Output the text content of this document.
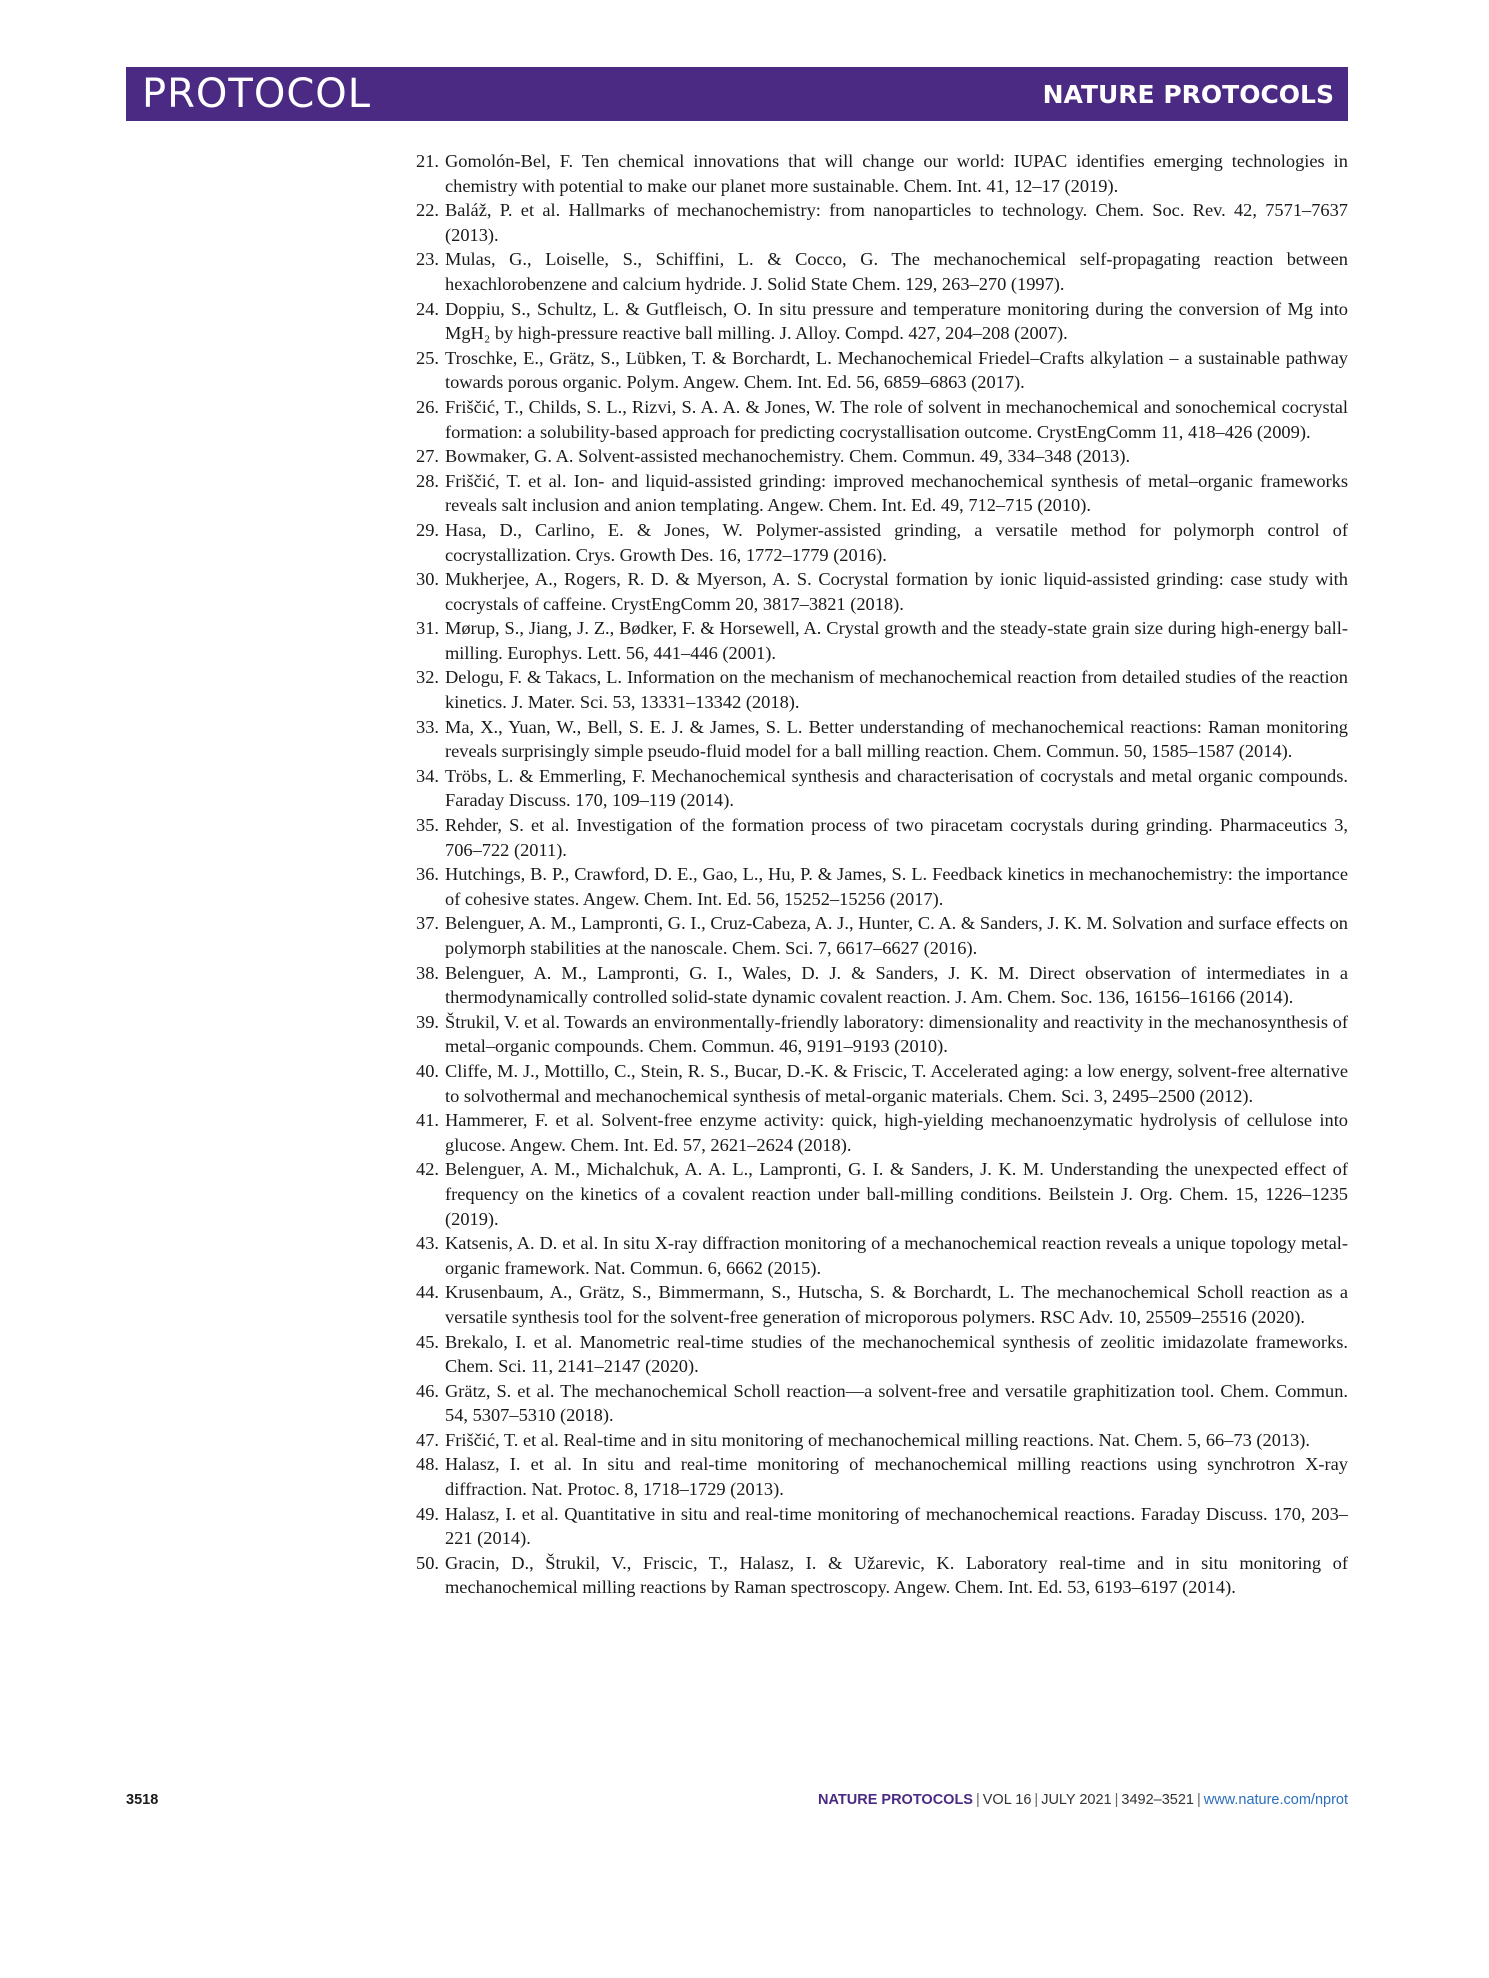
PROTOCOL	NATURE PROTOCOLS
21. Gomolón-Bel, F. Ten chemical innovations that will change our world: IUPAC identifies emerging technologies in chemistry with potential to make our planet more sustainable. Chem. Int. 41, 12–17 (2019).
22. Baláž, P. et al. Hallmarks of mechanochemistry: from nanoparticles to technology. Chem. Soc. Rev. 42, 7571–7637 (2013).
23. Mulas, G., Loiselle, S., Schiffini, L. & Cocco, G. The mechanochemical self-propagating reaction between hexachlorobenzene and calcium hydride. J. Solid State Chem. 129, 263–270 (1997).
24. Doppiu, S., Schultz, L. & Gutfleisch, O. In situ pressure and temperature monitoring during the conversion of Mg into MgH₂ by high-pressure reactive ball milling. J. Alloy. Compd. 427, 204–208 (2007).
25. Troschke, E., Grätz, S., Lübken, T. & Borchardt, L. Mechanochemical Friedel–Crafts alkylation – a sustainable pathway towards porous organic. Polym. Angew. Chem. Int. Ed. 56, 6859–6863 (2017).
26. Friščić, T., Childs, S. L., Rizvi, S. A. A. & Jones, W. The role of solvent in mechanochemical and sonochemical cocrystal formation: a solubility-based approach for predicting cocrystallisation outcome. CrystEngComm 11, 418–426 (2009).
27. Bowmaker, G. A. Solvent-assisted mechanochemistry. Chem. Commun. 49, 334–348 (2013).
28. Friščić, T. et al. Ion- and liquid-assisted grinding: improved mechanochemical synthesis of metal–organic frameworks reveals salt inclusion and anion templating. Angew. Chem. Int. Ed. 49, 712–715 (2010).
29. Hasa, D., Carlino, E. & Jones, W. Polymer-assisted grinding, a versatile method for polymorph control of cocrystallization. Crys. Growth Des. 16, 1772–1779 (2016).
30. Mukherjee, A., Rogers, R. D. & Myerson, A. S. Cocrystal formation by ionic liquid-assisted grinding: case study with cocrystals of caffeine. CrystEngComm 20, 3817–3821 (2018).
31. Mørup, S., Jiang, J. Z., Bødker, F. & Horsewell, A. Crystal growth and the steady-state grain size during high-energy ball-milling. Europhys. Lett. 56, 441–446 (2001).
32. Delogu, F. & Takacs, L. Information on the mechanism of mechanochemical reaction from detailed studies of the reaction kinetics. J. Mater. Sci. 53, 13331–13342 (2018).
33. Ma, X., Yuan, W., Bell, S. E. J. & James, S. L. Better understanding of mechanochemical reactions: Raman monitoring reveals surprisingly simple pseudo-fluid model for a ball milling reaction. Chem. Commun. 50, 1585–1587 (2014).
34. Tröbs, L. & Emmerling, F. Mechanochemical synthesis and characterisation of cocrystals and metal organic compounds. Faraday Discuss. 170, 109–119 (2014).
35. Rehder, S. et al. Investigation of the formation process of two piracetam cocrystals during grinding. Pharmaceutics 3, 706–722 (2011).
36. Hutchings, B. P., Crawford, D. E., Gao, L., Hu, P. & James, S. L. Feedback kinetics in mechanochemistry: the importance of cohesive states. Angew. Chem. Int. Ed. 56, 15252–15256 (2017).
37. Belenguer, A. M., Lampronti, G. I., Cruz-Cabeza, A. J., Hunter, C. A. & Sanders, J. K. M. Solvation and surface effects on polymorph stabilities at the nanoscale. Chem. Sci. 7, 6617–6627 (2016).
38. Belenguer, A. M., Lampronti, G. I., Wales, D. J. & Sanders, J. K. M. Direct observation of intermediates in a thermodynamically controlled solid-state dynamic covalent reaction. J. Am. Chem. Soc. 136, 16156–16166 (2014).
39. Štrukil, V. et al. Towards an environmentally-friendly laboratory: dimensionality and reactivity in the mechanosynthesis of metal–organic compounds. Chem. Commun. 46, 9191–9193 (2010).
40. Cliffe, M. J., Mottillo, C., Stein, R. S., Bucar, D.-K. & Friscic, T. Accelerated aging: a low energy, solvent-free alternative to solvothermal and mechanochemical synthesis of metal-organic materials. Chem. Sci. 3, 2495–2500 (2012).
41. Hammerer, F. et al. Solvent-free enzyme activity: quick, high-yielding mechanoenzymatic hydrolysis of cellulose into glucose. Angew. Chem. Int. Ed. 57, 2621–2624 (2018).
42. Belenguer, A. M., Michalchuk, A. A. L., Lampronti, G. I. & Sanders, J. K. M. Understanding the unexpected effect of frequency on the kinetics of a covalent reaction under ball-milling conditions. Beilstein J. Org. Chem. 15, 1226–1235 (2019).
43. Katsenis, A. D. et al. In situ X-ray diffraction monitoring of a mechanochemical reaction reveals a unique topology metal-organic framework. Nat. Commun. 6, 6662 (2015).
44. Krusenbaum, A., Grätz, S., Bimmermann, S., Hutscha, S. & Borchardt, L. The mechanochemical Scholl reaction as a versatile synthesis tool for the solvent-free generation of microporous polymers. RSC Adv. 10, 25509–25516 (2020).
45. Brekalo, I. et al. Manometric real-time studies of the mechanochemical synthesis of zeolitic imidazolate frameworks. Chem. Sci. 11, 2141–2147 (2020).
46. Grätz, S. et al. The mechanochemical Scholl reaction—a solvent-free and versatile graphitization tool. Chem. Commun. 54, 5307–5310 (2018).
47. Friščić, T. et al. Real-time and in situ monitoring of mechanochemical milling reactions. Nat. Chem. 5, 66–73 (2013).
48. Halasz, I. et al. In situ and real-time monitoring of mechanochemical milling reactions using synchrotron X-ray diffraction. Nat. Protoc. 8, 1718–1729 (2013).
49. Halasz, I. et al. Quantitative in situ and real-time monitoring of mechanochemical reactions. Faraday Discuss. 170, 203–221 (2014).
50. Gracin, D., Štrukil, V., Friscic, T., Halasz, I. & Užarevic, K. Laboratory real-time and in situ monitoring of mechanochemical milling reactions by Raman spectroscopy. Angew. Chem. Int. Ed. 53, 6193–6197 (2014).
3518	NATURE PROTOCOLS | VOL 16 | JULY 2021 | 3492–3521 | www.nature.com/nprot
